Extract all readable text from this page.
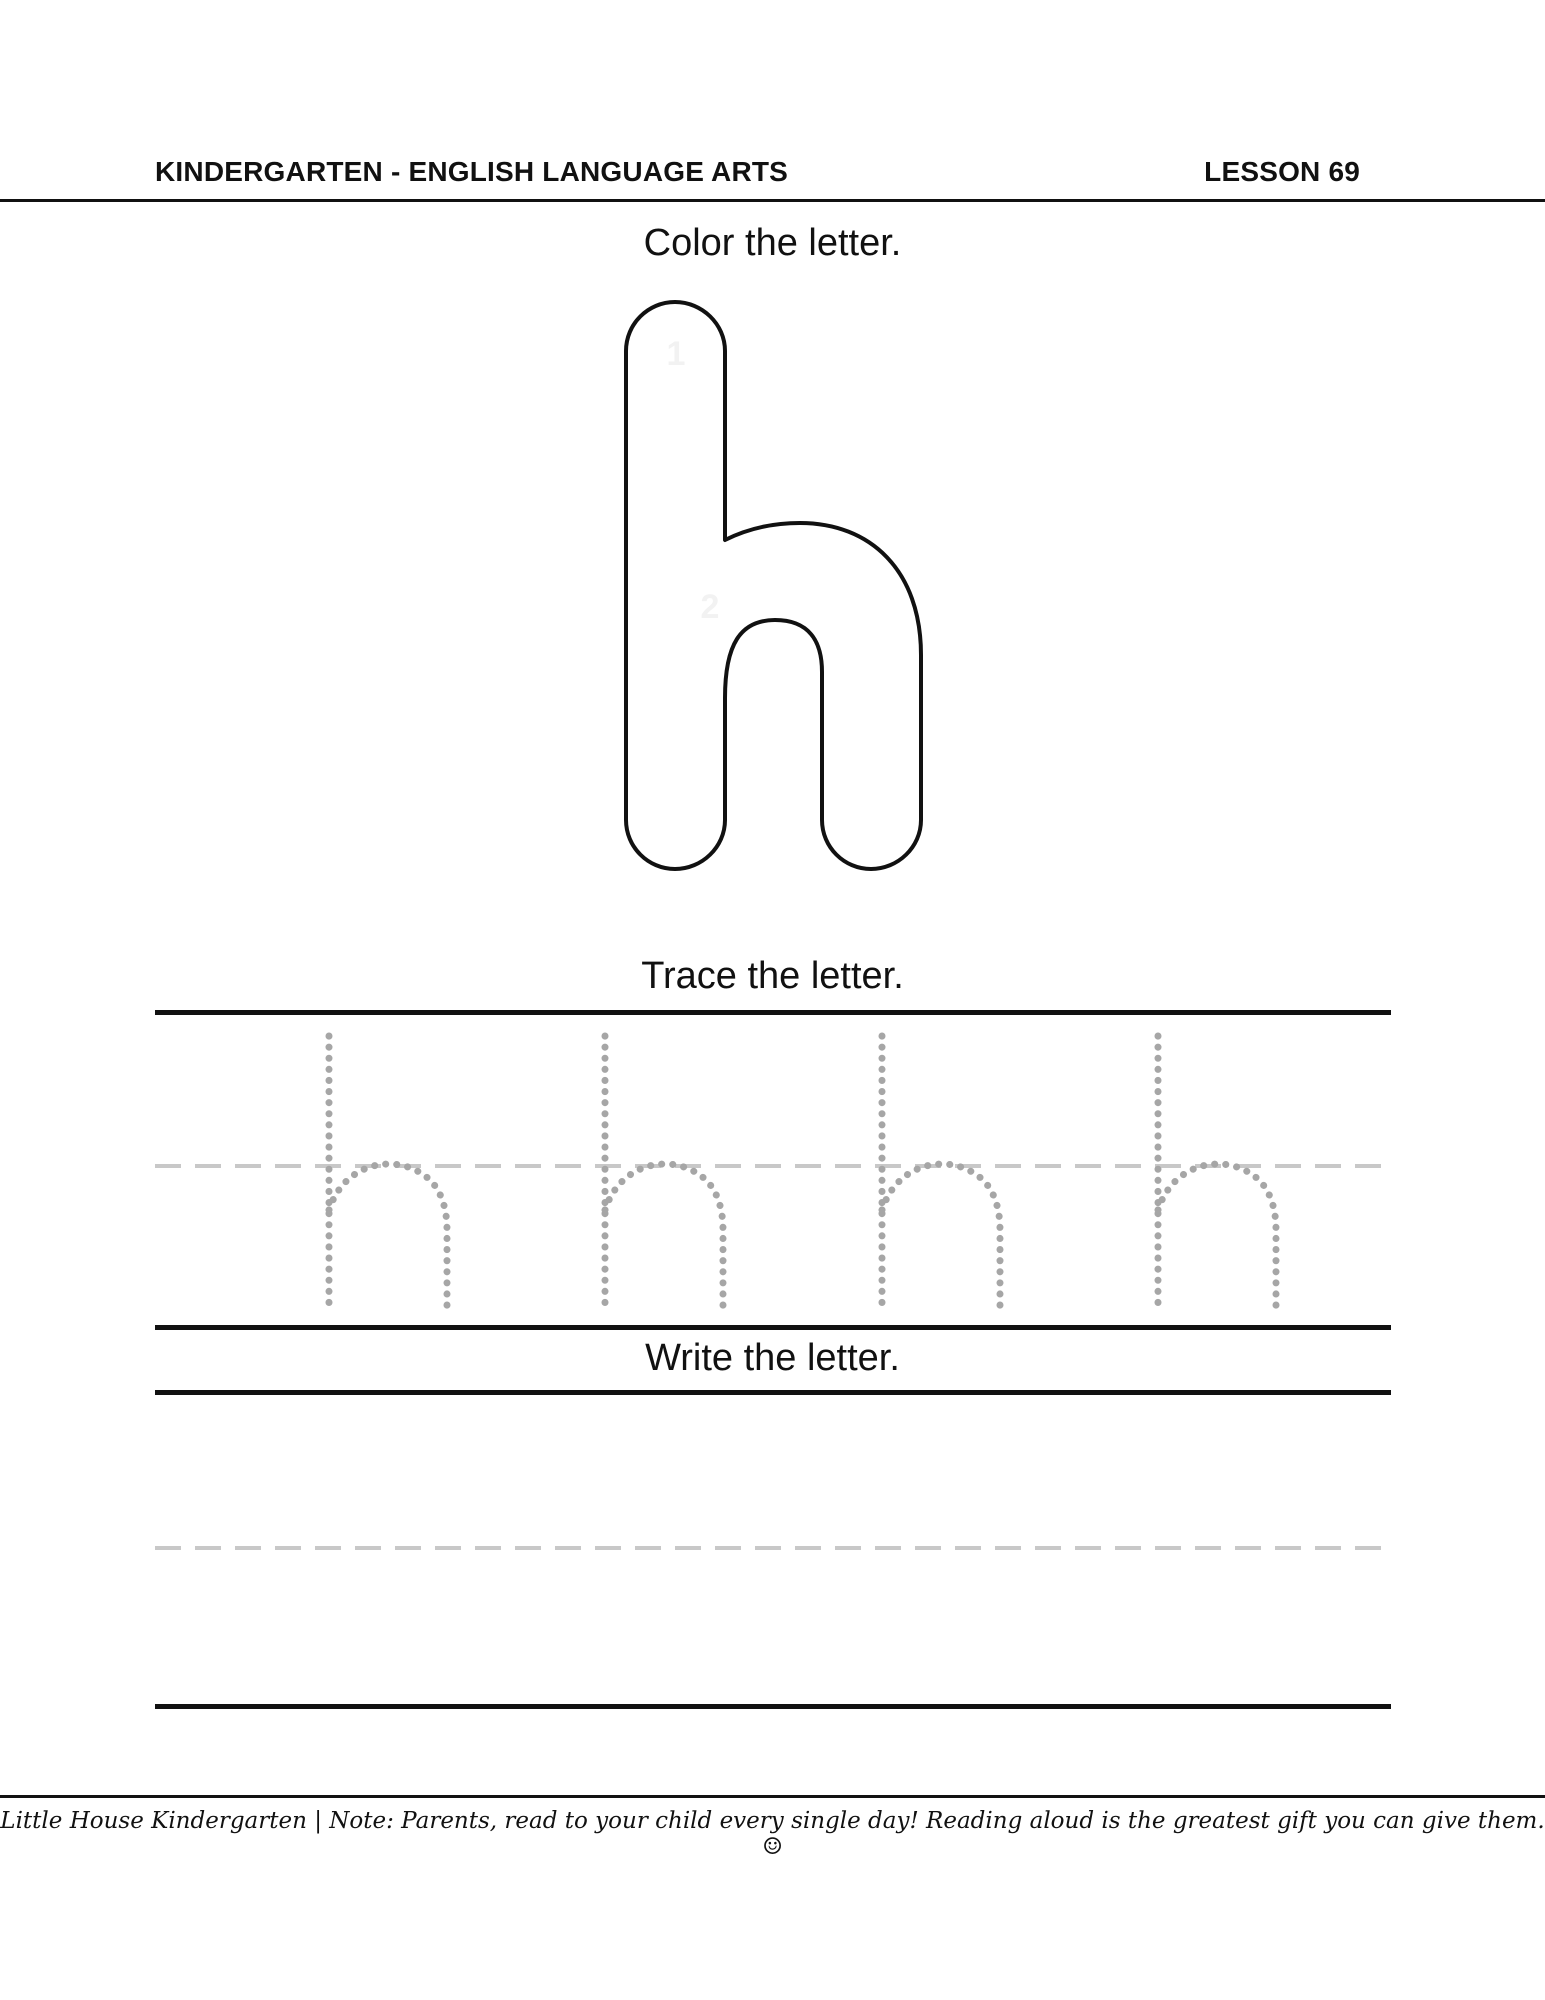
KINDERGARTEN - ENGLISH LANGUAGE ARTS	LESSON 69
Color the letter.
1
2
Trace the letter.
Write the letter.
Little House Kindergarten | Note: Parents, read to your child every single day! Reading aloud is the greatest gift you can give them. ☺
